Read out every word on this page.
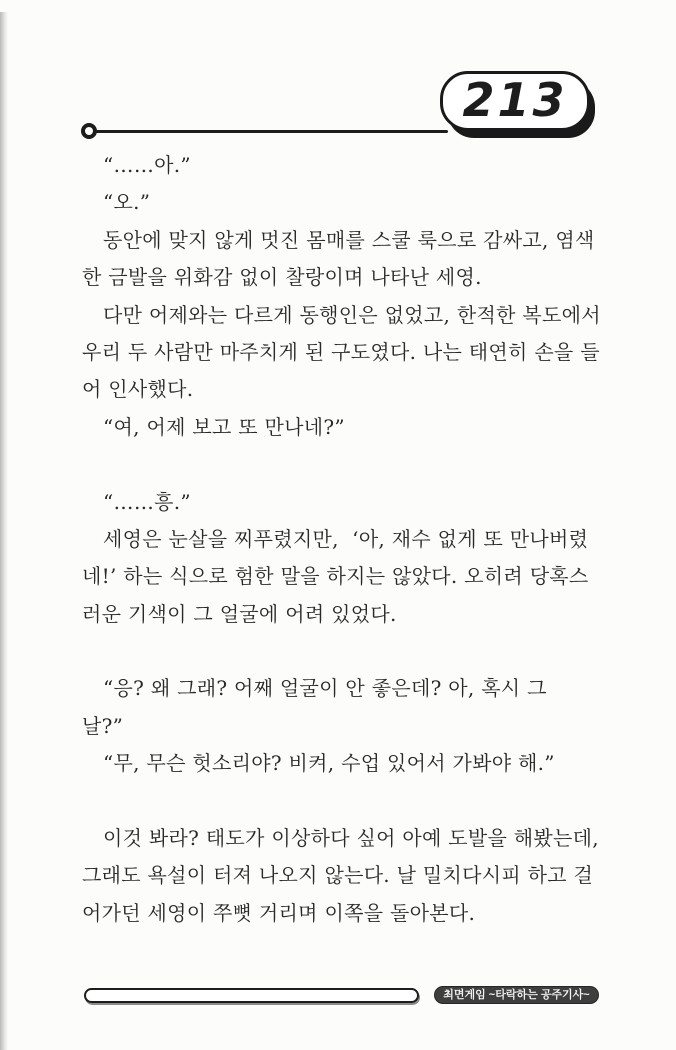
213
“……아.”
“오.”
동안에 맞지 않게 멋진 몸매를 스쿨 룩으로 감싸고, 염색
한 금발을 위화감 없이 찰랑이며 나타난 세영.
다만 어제와는 다르게 동행인은 없었고, 한적한 복도에서
우리 두 사람만 마주치게 된 구도였다. 나는 태연히 손을 들
어 인사했다.
“여, 어제 보고 또 만나네?”
“……흥.”
세영은 눈살을 찌푸렸지만,  ‘아, 재수 없게 또 만나버렸
네!’ 하는 식으로 험한 말을 하지는 않았다. 오히려 당혹스
러운 기색이 그 얼굴에 어려 있었다.
“응? 왜 그래? 어째 얼굴이 안 좋은데? 아, 혹시 그
날?”
“무, 무슨 헛소리야? 비켜, 수업 있어서 가봐야 해.”
이것 봐라? 태도가 이상하다 싶어 아예 도발을 해봤는데,
그래도 욕설이 터져 나오지 않는다. 날 밀치다시피 하고 걸
어가던 세영이 쭈뼛 거리며 이쪽을 돌아본다.
최면게임 ~타락하는 공주기사~
